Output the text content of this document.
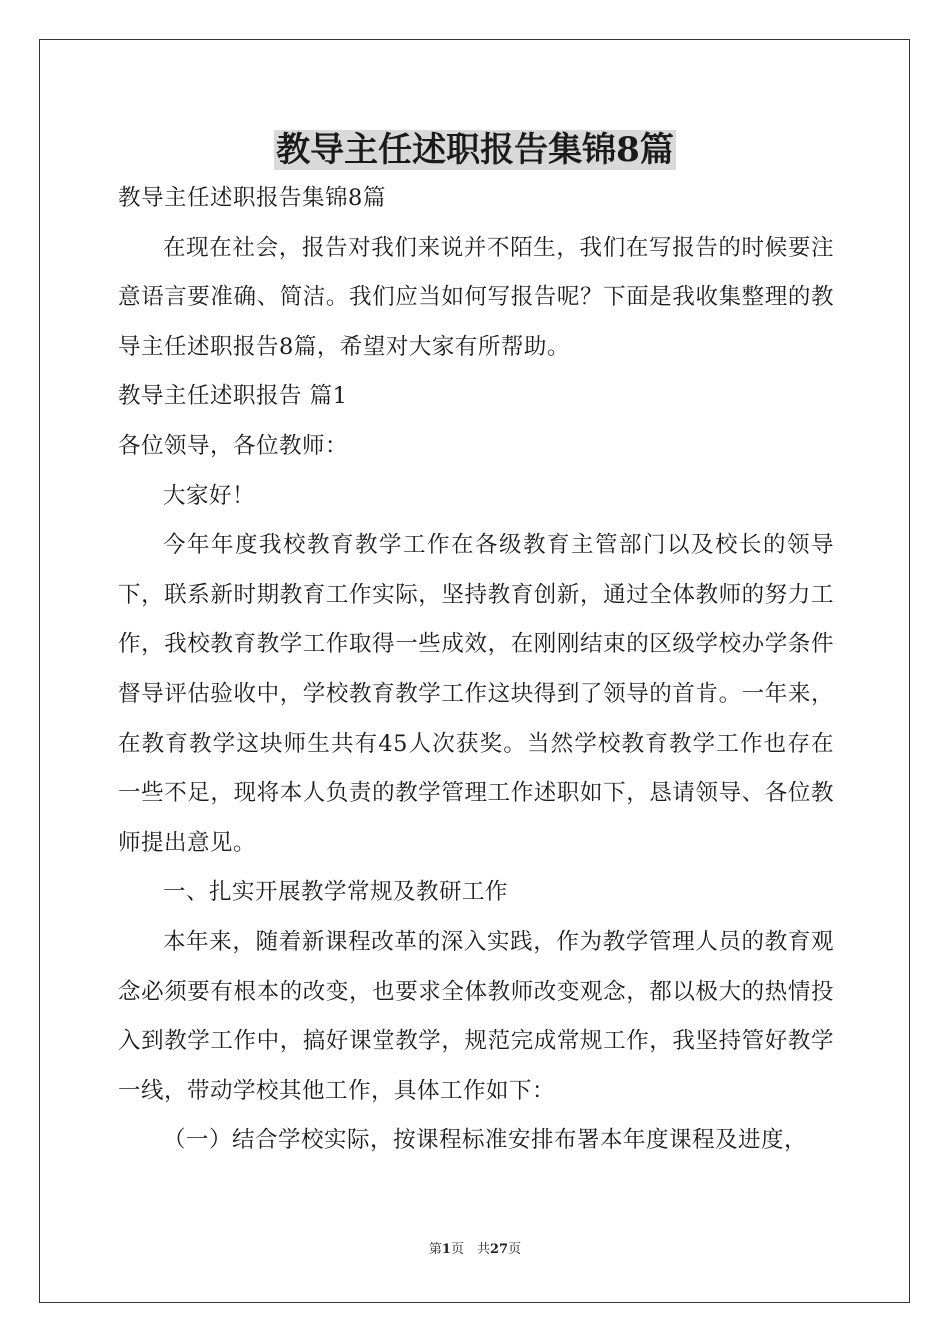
教导主任述职报告集锦8篇

教导主任述职报告集锦8篇

在现在社会，报告对我们来说并不陌生，我们在写报告的时候要注意语言要准确、简洁。我们应当如何写报告呢？下面是我收集整理的教导主任述职报告8篇，希望对大家有所帮助。

教导主任述职报告 篇1

各位领导，各位教师：

大家好！

今年年度我校教育教学工作在各级教育主管部门以及校长的领导下，联系新时期教育工作实际，坚持教育创新，通过全体教师的努力工作，我校教育教学工作取得一些成效，在刚刚结束的区级学校办学条件督导评估验收中，学校教育教学工作这块得到了领导的首肯。一年来，在教育教学这块师生共有45人次获奖。当然学校教育教学工作也存在一些不足，现将本人负责的教学管理工作述职如下，恳请领导、各位教师提出意见。

一、扎实开展教学常规及教研工作

本年来，随着新课程改革的深入实践，作为教学管理人员的教育观念必须要有根本的改变，也要求全体教师改变观念，都以极大的热情投入到教学工作中，搞好课堂教学，规范完成常规工作，我坚持管好教学一线，带动学校其他工作，具体工作如下：

（一）结合学校实际，按课程标准安排布署本年度课程及进度，

第1页　共27页
